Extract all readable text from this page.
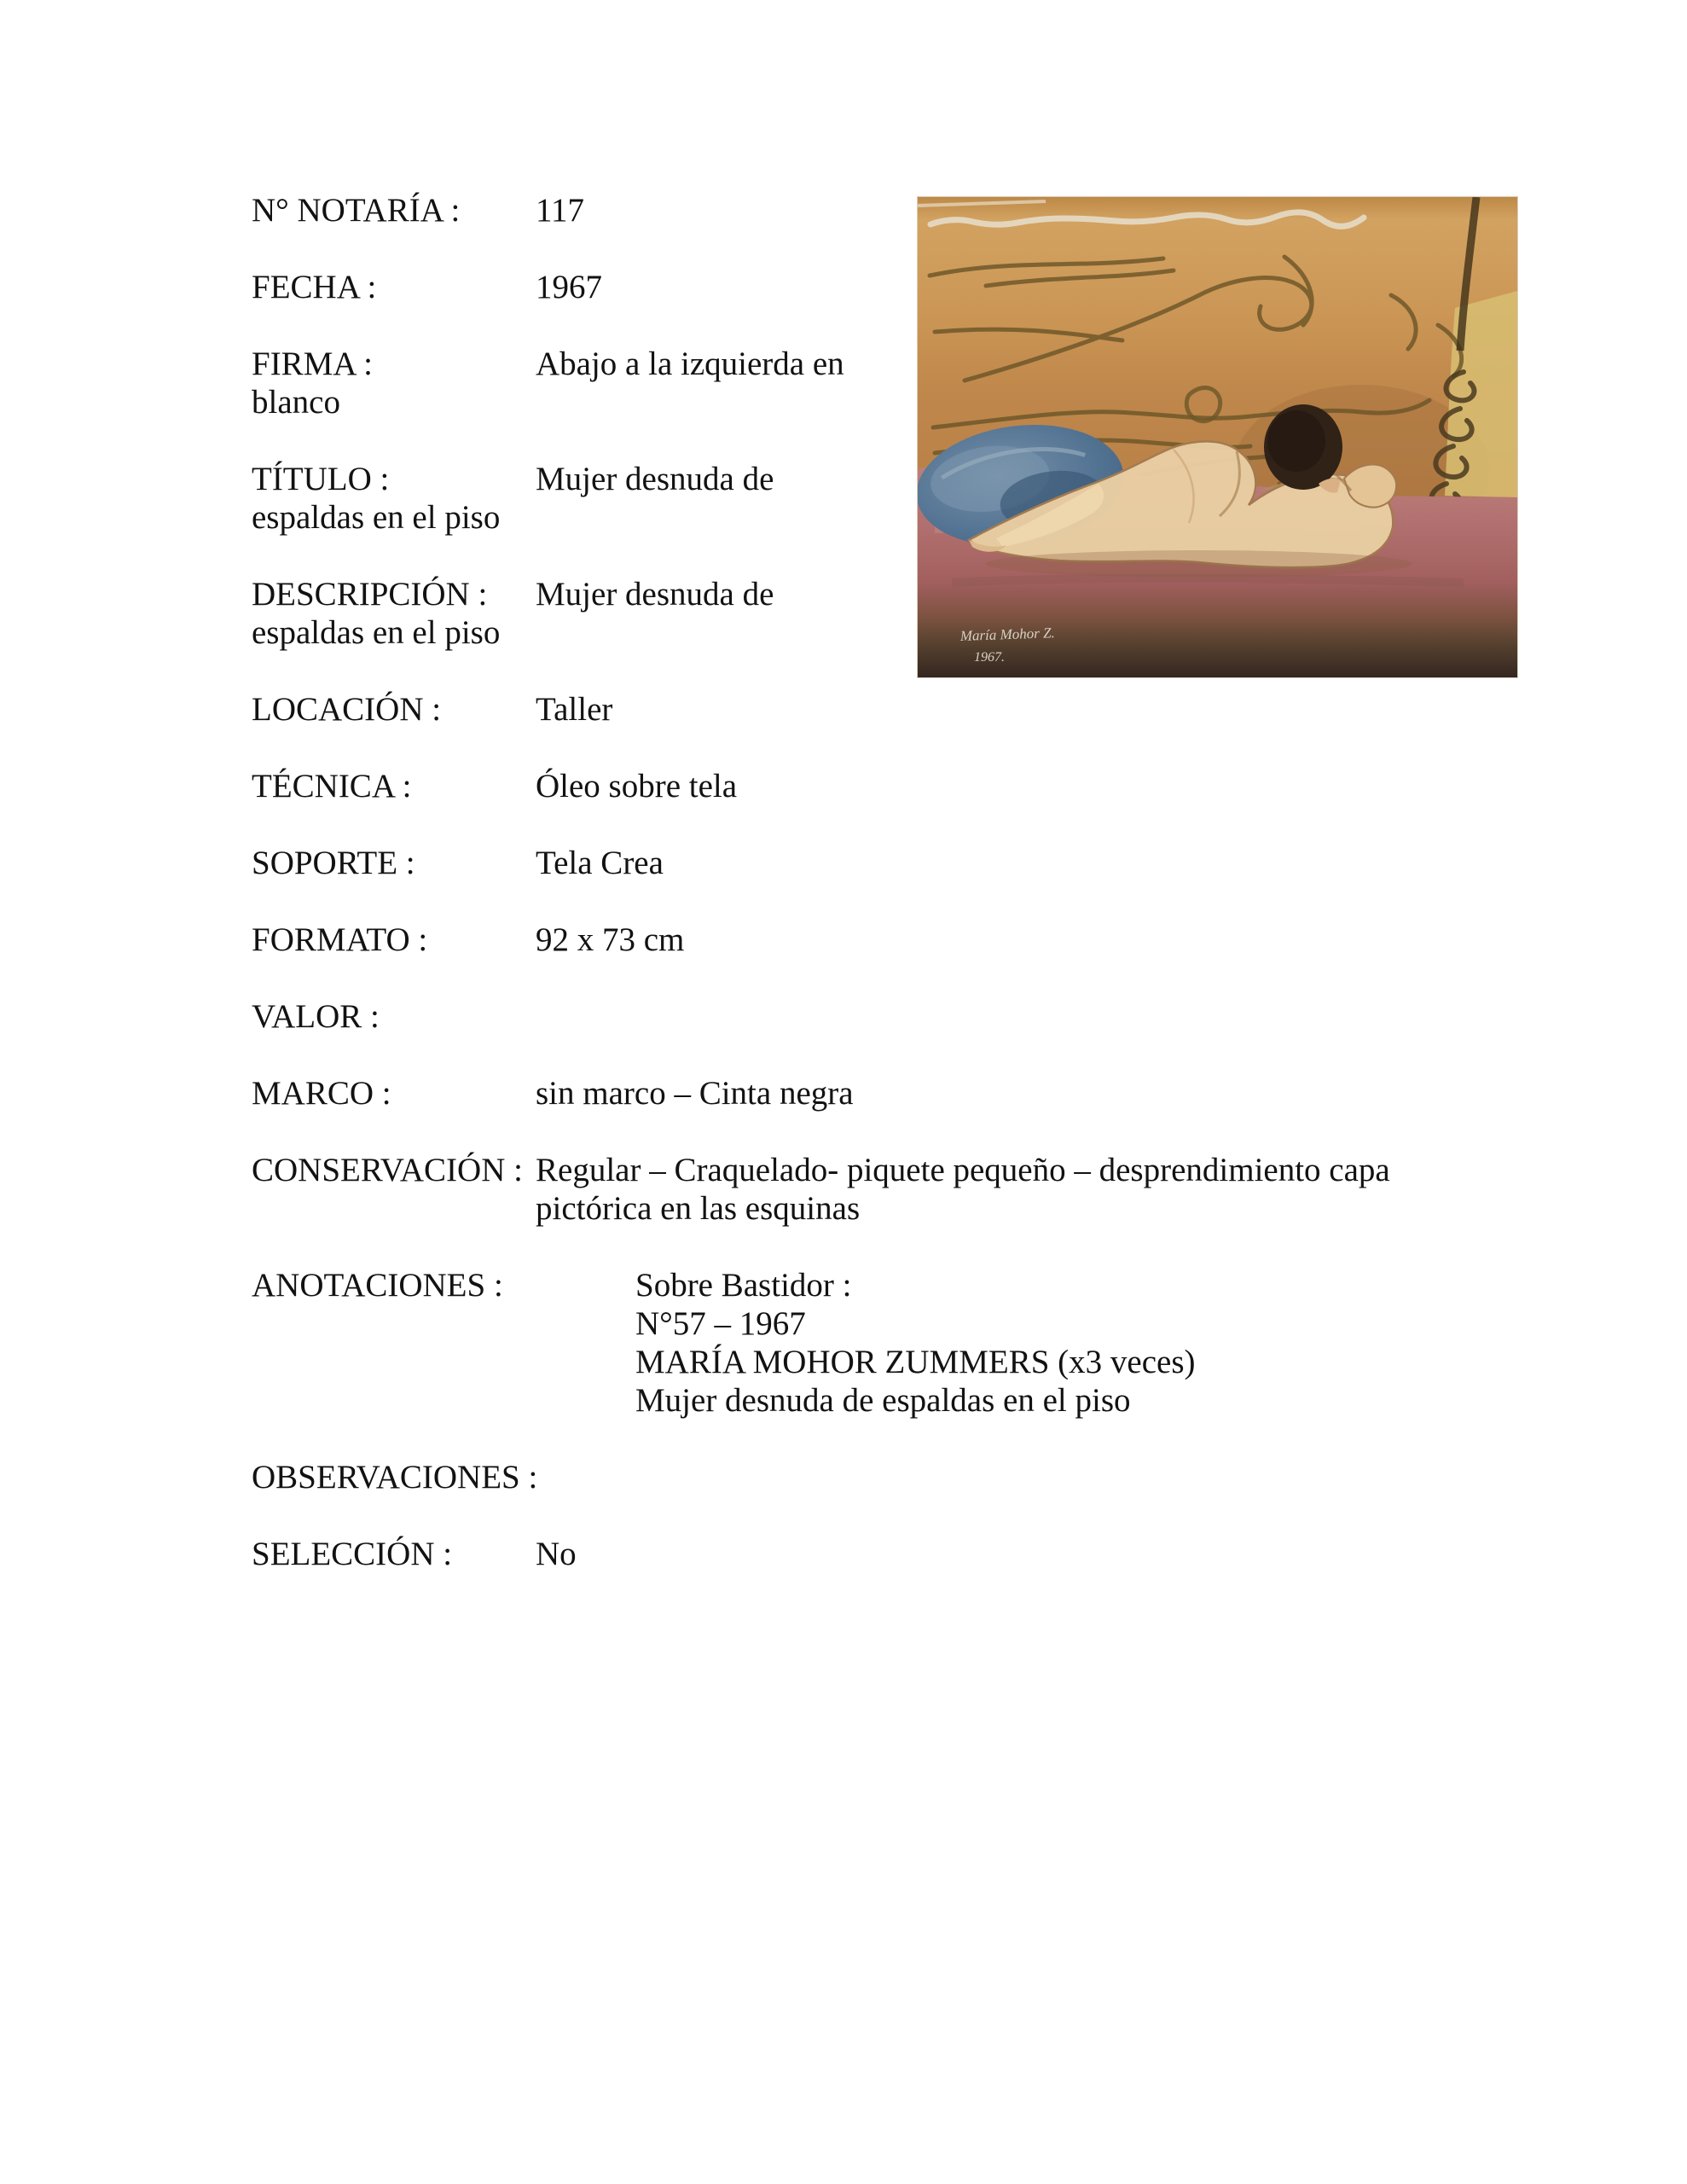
N° NOTARÍA :	117
FECHA :	1967
FIRMA :	Abajo a la izquierda en
blanco
TÍTULO :	Mujer desnuda de
espaldas en el piso
DESCRIPCIÓN :	Mujer desnuda de
espaldas en el piso
LOCACIÓN :	Taller
TÉCNICA :	Óleo sobre tela
SOPORTE :	Tela Crea
FORMATO :	92 x 73 cm
VALOR :
MARCO :	sin marco – Cinta negra
CONSERVACIÓN : Regular – Craquelado- piquete pequeño – desprendimiento capa
pictórica en las esquinas
ANOTACIONES :	Sobre Bastidor :
N°57 – 1967
MARÍA MOHOR ZUMMERS (x3 veces)
Mujer desnuda de espaldas en el piso
OBSERVACIONES :
SELECCIÓN :	No
María Mohor Z.
1967.
